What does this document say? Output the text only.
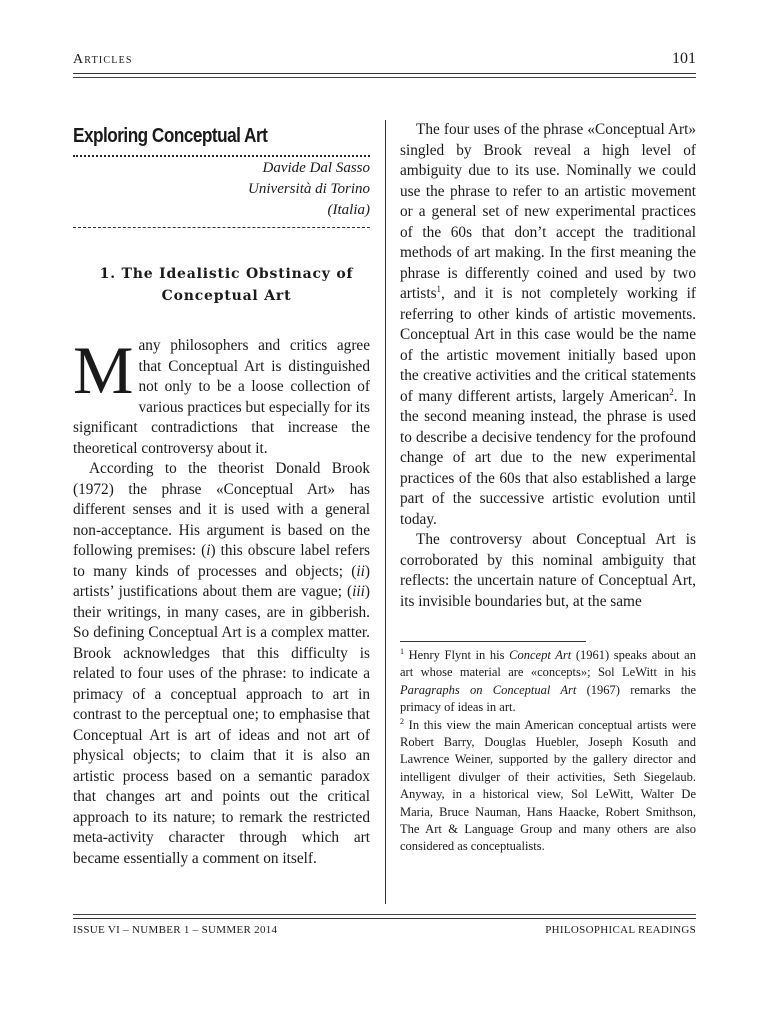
Articles	101
Exploring Conceptual Art
Davide Dal Sasso
Università di Torino
(Italia)
1. The Idealistic Obstinacy of
Conceptual Art

Many philosophers and critics agree that Conceptual Art is distinguished not only to be a loose collection of various practices but especially for its significant contradictions that increase the theoretical controversy about it.

According to the theorist Donald Brook (1972) the phrase «Conceptual Art» has different senses and it is used with a general non-acceptance. His argument is based on the following premises: (i) this obscure label refers to many kinds of processes and objects; (ii) artists’ justifications about them are vague; (iii) their writings, in many cases, are in gibberish. So defining Conceptual Art is a complex matter. Brook acknowledges that this difficulty is related to four uses of the phrase: to indicate a primacy of a conceptual approach to art in contrast to the perceptual one; to emphasise that Conceptual Art is art of ideas and not art of physical objects; to claim that it is also an artistic process based on a semantic paradox that changes art and points out the critical approach to its nature; to remark the restricted meta-activity character through which art became essentially a comment on itself.

The four uses of the phrase «Conceptual Art» singled by Brook reveal a high level of ambiguity due to its use. Nominally we could use the phrase to refer to an artistic movement or a general set of new experimental practices of the 60s that don’t accept the traditional methods of art making. In the first meaning the phrase is differently coined and used by two artists$^1$, and it is not completely working if referring to other kinds of artistic movements. Conceptual Art in this case would be the name of the artistic movement initially based upon the creative activities and the critical statements of many different artists, largely American$^2$. In the second meaning instead, the phrase is used to describe a decisive tendency for the profound change of art due to the new experimental practices of the 60s that also established a large part of the successive artistic evolution until today.

The controversy about Conceptual Art is corroborated by this nominal ambiguity that reflects: the uncertain nature of Conceptual Art, its invisible boundaries but, at the same

$^1$ Henry Flynt in his Concept Art (1961) speaks about an art whose material are «concepts»; Sol LeWitt in his Paragraphs on Conceptual Art (1967) remarks the primacy of ideas in art.

$^2$ In this view the main American conceptual artists were Robert Barry, Douglas Huebler, Joseph Kosuth and Lawrence Weiner, supported by the gallery director and intelligent divulger of their activities, Seth Siegelaub. Anyway, in a historical view, Sol LeWitt, Walter De Maria, Bruce Nauman, Hans Haacke, Robert Smithson, The Art & Language Group and many others are also considered as conceptualists.

ISSUE VI – NUMBER 1 – SUMMER 2014	PHILOSOPHICAL READINGS
